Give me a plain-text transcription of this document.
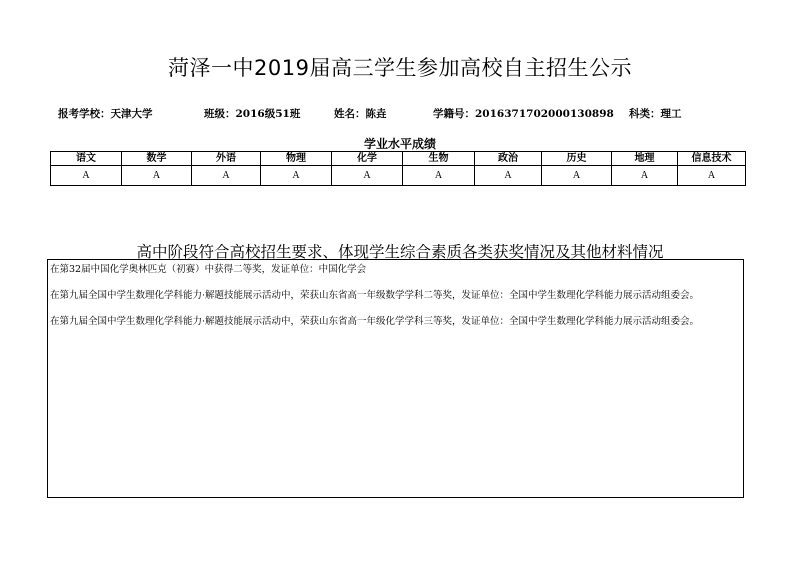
菏泽一中2019届高三学生参加高校自主招生公示
报考学校：天津大学	班级：2016级51班	姓名：陈垚	学籍号：2016371702000130898 科类：理工
学业水平成绩
语文	数学	外语	物理	化学	生物	政治	历史	地理	信息技术
A	A	A	A	A	A	A	A	A	A
高中阶段符合高校招生要求、体现学生综合素质各类获奖情况及其他材料情况
在第32届中国化学奥林匹克（初赛）中获得二等奖，发证单位：中国化学会
在第九届全国中学生数理化学科能力·解题技能展示活动中，荣获山东省高一年级数学学科二等奖，发证单位：全国中学生数理化学科能力展示活动组委会。
在第九届全国中学生数理化学科能力·解题技能展示活动中，荣获山东省高一年级化学学科三等奖，发证单位：全国中学生数理化学科能力展示活动组委会。
